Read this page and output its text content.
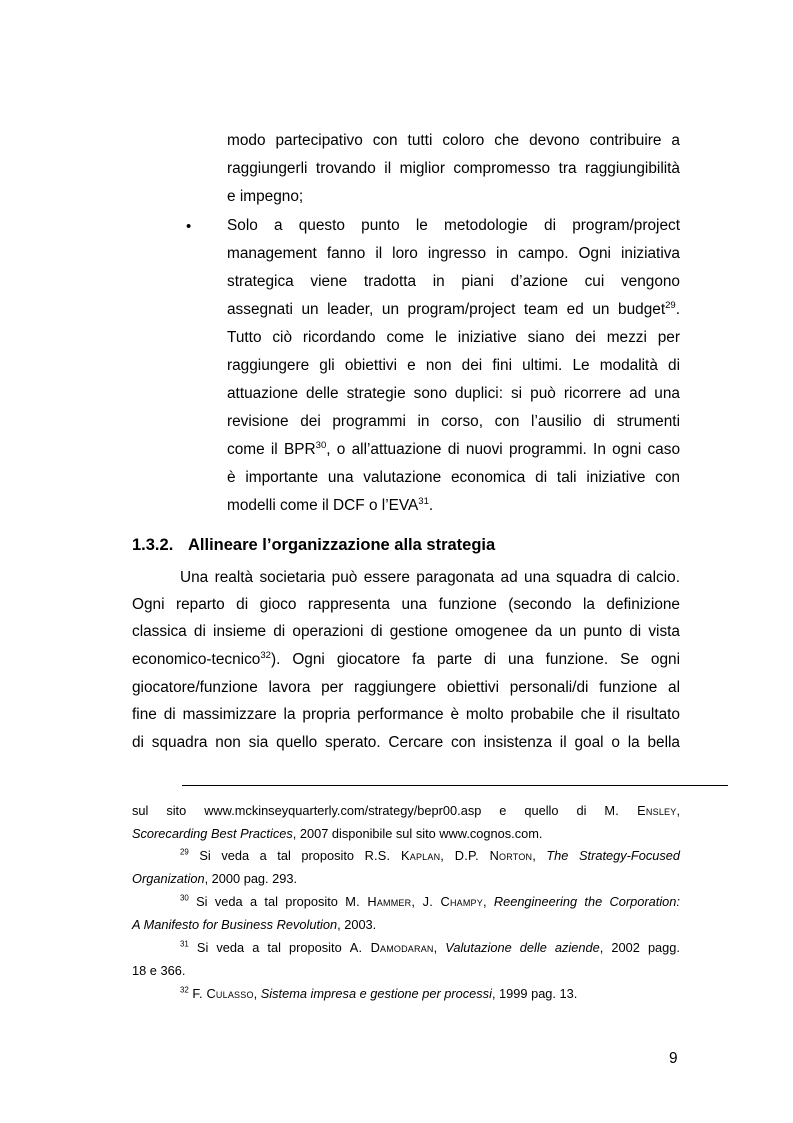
modo partecipativo con tutti coloro che devono contribuire a

raggiungerli trovando il miglior compromesso tra raggiungibilità

e impegno;

• Solo a questo punto le metodologie di program/project

management fanno il loro ingresso in campo. Ogni iniziativa

strategica viene tradotta in piani d’azione cui vengono

assegnati un leader, un program/project team ed un budget$^{29}$.

Tutto ciò ricordando come le iniziative siano dei mezzi per

raggiungere gli obiettivi e non dei fini ultimi. Le modalità di

attuazione delle strategie sono duplici: si può ricorrere ad una

revisione dei programmi in corso, con l’ausilio di strumenti

come il BPR$^{30}$, o all’attuazione di nuovi programmi. In ogni caso

è importante una valutazione economica di tali iniziative con

modelli come il DCF o l’EVA$^{31}$.

1.3.2. Allineare l’organizzazione alla strategia

Una realtà societaria può essere paragonata ad una squadra di calcio.

Ogni reparto di gioco rappresenta una funzione (secondo la definizione

classica di insieme di operazioni di gestione omogenee da un punto di vista

economico-tecnico$^{32}$). Ogni giocatore fa parte di una funzione. Se ogni

giocatore/funzione lavora per raggiungere obiettivi personali/di funzione al

fine di massimizzare la propria performance è molto probabile che il risultato

di squadra non sia quello sperato. Cercare con insistenza il goal o la bella

sul sito www.mckinseyquarterly.com/strategy/bepr00.asp e quello di M. Ensley,

Scorecarding Best Practices, 2007 disponibile sul sito www.cognos.com.

$^{29}$ Si veda a tal proposito R.S. Kaplan, D.P. Norton, The Strategy-Focused

Organization, 2000 pag. 293.

$^{30}$ Si veda a tal proposito M. Hammer, J. Champy, Reengineering the Corporation:

A Manifesto for Business Revolution, 2003.

$^{31}$ Si veda a tal proposito A. Damodaran, Valutazione delle aziende, 2002 pagg.

18 e 366.

$^{32}$ F. Culasso, Sistema impresa e gestione per processi, 1999 pag. 13.

9
